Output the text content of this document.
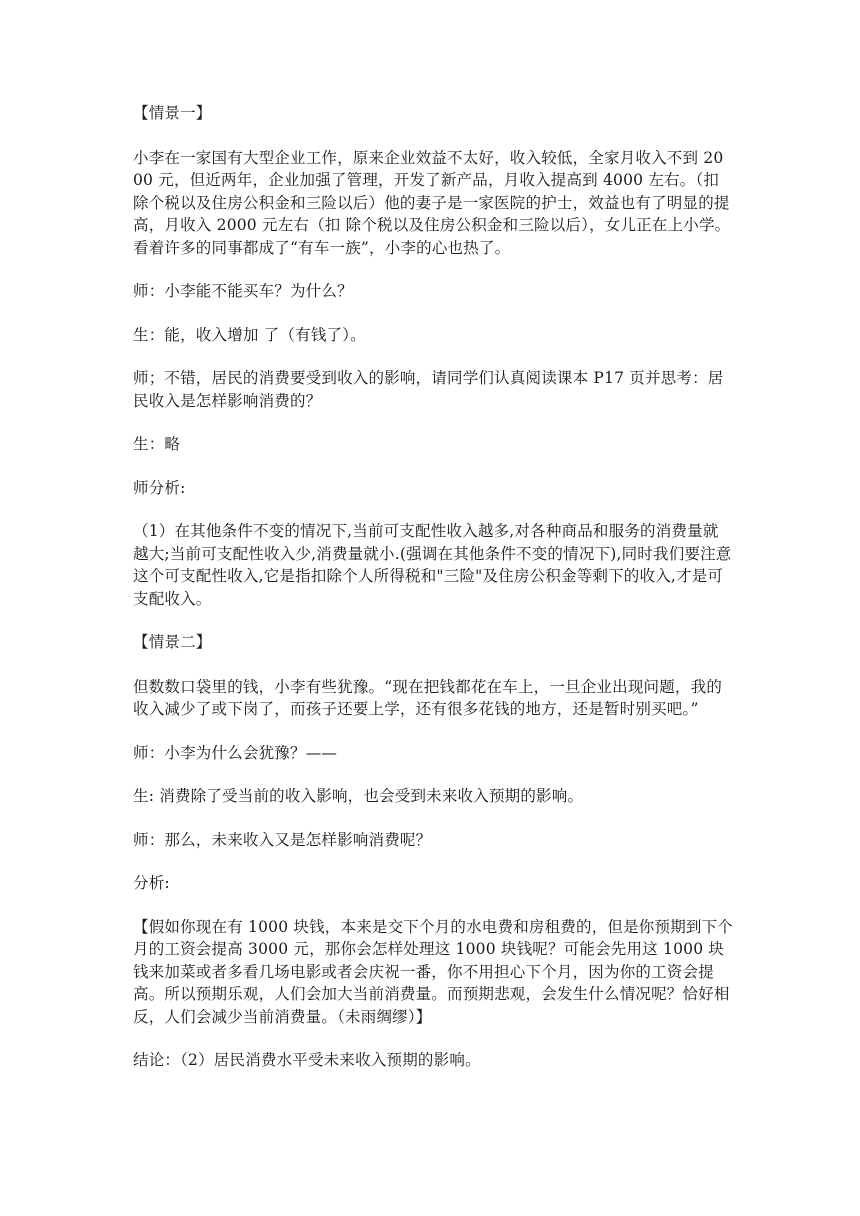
【情景一】

小李在一家国有大型企业工作，原来企业效益不太好，收入较低，全家月收入不到 2000 元，但近两年，企业加强了管理，开发了新产品，月收入提高到 4000 左右。（扣 除个税以及住房公积金和三险以后）他的妻子是一家医院的护士，效益也有了明显的提高，月收入 2000 元左右（扣 除个税以及住房公积金和三险以后），女儿正在上小学。看着许多的同事都成了“有车一族”，小李的心也热了。

师：小李能不能买车？为什么？

生：能，收入增加 了（有钱了）。

师；不错，居民的消费要受到收入的影响，请同学们认真阅读课本 P17 页并思考：居民收入是怎样影响消费的？

生：略

师分析:

（1）在其他条件不变的情况下,当前可支配性收入越多,对各种商品和服务的消费量就越大;当前可支配性收入少,消费量就小.(强调在其他条件不变的情况下),同时我们要注意这个可支配性收入,它是指扣除个人所得税和"三险"及住房公积金等剩下的收入,才是可支配收入。

【情景二】

但数数口袋里的钱，小李有些犹豫。“现在把钱都花在车上，一旦企业出现问题，我的收入减少了或下岗了，而孩子还要上学，还有很多花钱的地方，还是暂时别买吧。”

师：小李为什么会犹豫？——

生: 消费除了受当前的收入影响，也会受到未来收入预期的影响。

师：那么，未来收入又是怎样影响消费呢？

分析:

【假如你现在有 1000 块钱，本来是交下个月的水电费和房租费的，但是你预期到下个月的工资会提高 3000 元，那你会怎样处理这 1000 块钱呢？可能会先用这 1000 块钱来加菜或者多看几场电影或者会庆祝一番，你不用担心下个月，因为你的工资会提高。所以预期乐观，人们会加大当前消费量。而预期悲观，会发生什么情况呢？恰好相反，人们会减少当前消费量。（未雨绸缪）】

结论：（2）居民消费水平受未来收入预期的影响。
